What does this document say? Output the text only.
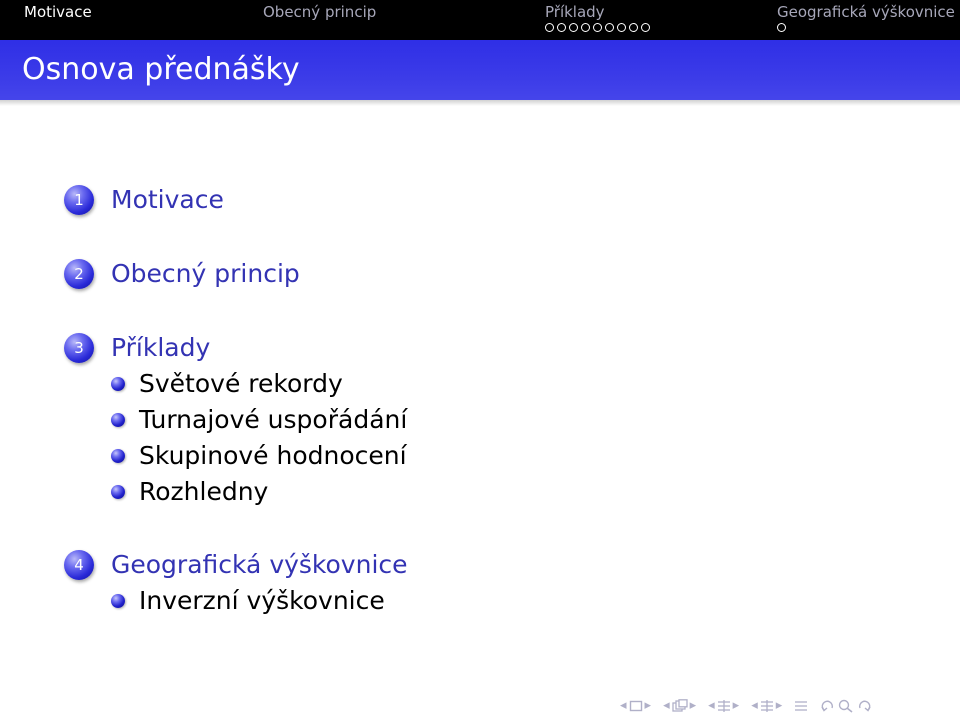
Motivace	Obecný princip	Příklady	Geografická výškovnice
Osnova přednášky
1	Motivace
2	Obecný princip
3	Příklady
Světové rekordy
Turnajové uspořádání
Skupinové hodnocení
Rozhledny
4	Geografická výškovnice
Inverzní výškovnice
◂ ▸ ◂ ▸ ◂ ▸ ◂ ▸
